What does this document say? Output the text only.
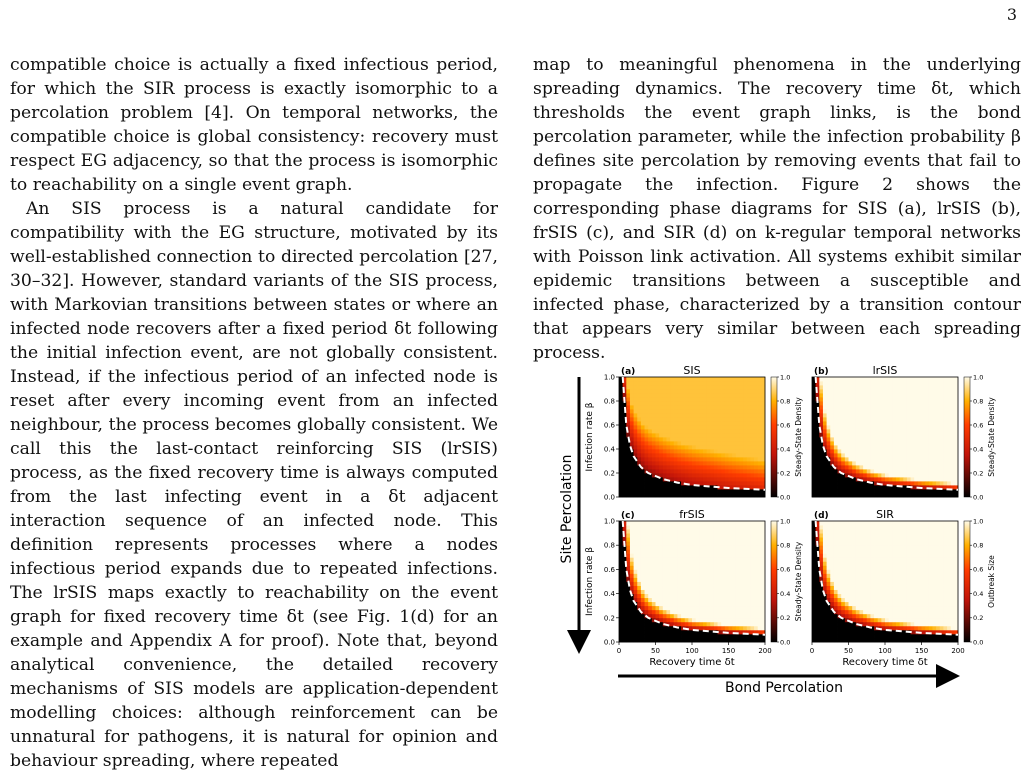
3

compatible choice is actually a fixed infectious period, for which the SIR process is exactly isomorphic to a percolation problem [4]. On temporal networks, the compatible choice is global consistency: recovery must respect EG adjacency, so that the process is isomorphic to reachability on a single event graph.

An SIS process is a natural candidate for compatibility with the EG structure, motivated by its well-established connection to directed percolation [27, 30–32]. However, standard variants of the SIS process, with Markovian transitions between states or where an infected node recovers after a fixed period δt following the initial infection event, are not globally consistent. Instead, if the infectious period of an infected node is reset after every incoming event from an infected neighbour, the process becomes globally consistent. We call this the last-contact reinforcing SIS (lrSIS) process, as the fixed recovery time is always computed from the last infecting event in a δt adjacent interaction sequence of an infected node. This definition represents processes where a nodes infectious period expands due to repeated infections. The lrSIS maps exactly to reachability on the event graph for fixed recovery time δt (see Fig. 1(d) for an example and Appendix A for proof). Note that, beyond analytical convenience, the detailed recovery mechanisms of SIS models are application-dependent modelling choices: although reinforcement can be unnatural for pathogens, it is natural for opinion and behaviour spreading, where repeated

map to meaningful phenomena in the underlying spreading dynamics. The recovery time δt, which thresholds the event graph links, is the bond percolation parameter, while the infection probability β defines site percolation by removing events that fail to propagate the infection. Figure 2 shows the corresponding phase diagrams for SIS (a), lrSIS (b), frSIS (c), and SIR (d) on k-regular temporal networks with Poisson link activation. All systems exhibit similar epidemic transitions between a susceptible and infected phase, characterized by a transition contour that appears very similar between each spreading process.

(a)	SIS
0.0
0.2
0.4
0.6
0.8
1.0
Infection rate β
0.0
0.2
0.4
0.6
0.8
1.0
Steady-State Density
(b)	lrSIS
0.0
0.2
0.4
0.6
0.8
1.0
Steady-State Density
(c)	frSIS
0.0
0.2
0.4
0.6
0.8
1.0
0	50	100	150	200
Infection rate β
Recovery time δt
0.0
0.2
0.4
0.6
0.8
1.0
Steady-State Density
(d)	SIR
0	50	100	150	200
Recovery time δt
0.0
0.2
0.4
0.6
0.8
1.0
Outbreak Size
Site Percolation
Bond Percolation
